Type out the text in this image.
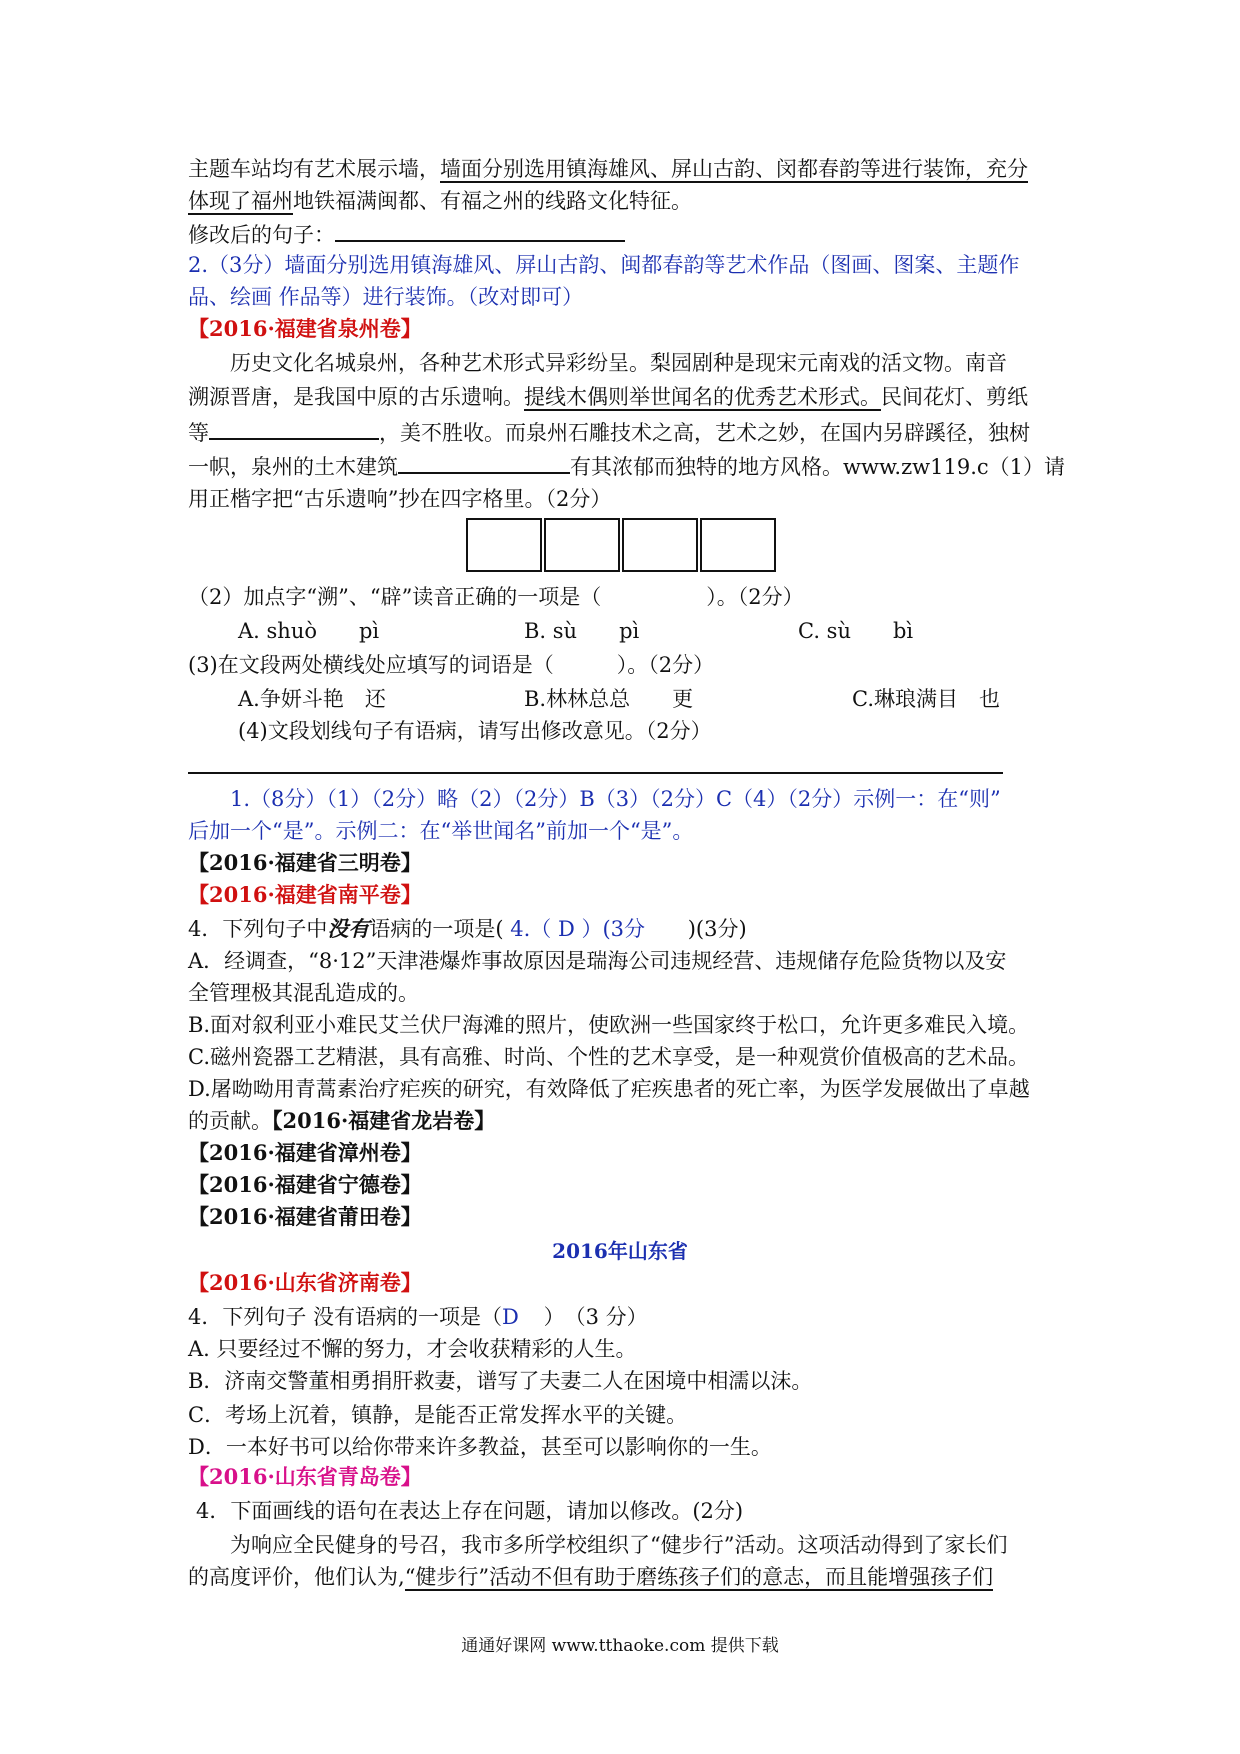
主题车站均有艺术展示墙，墙面分别选用镇海雄风、屏山古韵、闵都春韵等进行装饰，充分
体现了福州地铁福满闽都、有福之州的线路文化特征。
修改后的句子：
2.（3分）墙面分别选用镇海雄风、屏山古韵、闽都春韵等艺术作品（图画、图案、主题作
品、绘画 作品等）进行装饰。（改对即可）
【2016·福建省泉州卷】
历史文化名城泉州，各种艺术形式异彩纷呈。梨园剧种是现宋元南戏的活文物。南音
溯源晋唐，是我国中原的古乐遗响。提线木偶则举世闻名的优秀艺术形式。民间花灯、剪纸
等	，美不胜收。而泉州石雕技术之高，艺术之妙，在国内另辟蹊径，独树
一帜，泉州的土木建筑	有其浓郁而独特的地方风格。www.zw119.c（1）请
用正楷字把“古乐遗响”抄在四字格里。（2分）
（2）加点字“溯”、“辟”读音正确的一项是（　　　　　）。（2分）
A. shuò　　pì	B. sù　　pì	C. sù　　bì
(3)在文段两处横线处应填写的词语是（　　　）。（2分）
A.争妍斗艳　还	B.林林总总　　更	C.琳琅满目　也
(4)文段划线句子有语病，请写出修改意见。（2分）
1.（8分）（1）（2分）略（2）（2分）B（3）（2分）C（4）（2分）示例一：在“则”
后加一个“是”。示例二：在“举世闻名”前加一个“是”。
【2016·福建省三明卷】
【2016·福建省南平卷】
4．下列句子中没有语病的一项是( 4.（ D ）(3分 )(3分)
A．经调查，“8·12”天津港爆炸事故原因是瑞海公司违规经营、违规储存危险货物以及安
全管理极其混乱造成的。
B.面对叙利亚小难民艾兰伏尸海滩的照片，使欧洲一些国家终于松口，允许更多难民入境。
C.磁州瓷器工艺精湛，具有高雅、时尚、个性的艺术享受，是一种观赏价值极高的艺术品。
D.屠呦呦用青蒿素治疗疟疾的研究，有效降低了疟疾患者的死亡率，为医学发展做出了卓越
的贡献。【2016·福建省龙岩卷】
【2016·福建省漳州卷】
【2016·福建省宁德卷】
【2016·福建省莆田卷】
2016年山东省
【2016·山东省济南卷】
4．下列句子 没有语病的一项是（D ）　（3 分）
A. 只要经过不懈的努力，才会收获精彩的人生。
B．济南交警董相勇捐肝救妻，谱写了夫妻二人在困境中相濡以沫。
C．考场上沉着，镇静，是能否正常发挥水平的关键。
D．一本好书可以给你带来许多教益，甚至可以影响你的一生。
【2016·山东省青岛卷】
4．下面画线的语句在表达上存在问题，请加以修改。(2分)
为响应全民健身的号召，我市多所学校组织了“健步行”活动。这项活动得到了家长们
的高度评价，他们认为,“健步行”活动不但有助于磨练孩子们的意志，而且能增强孩子们
通通好课网 www.tthaoke.com 提供下载
